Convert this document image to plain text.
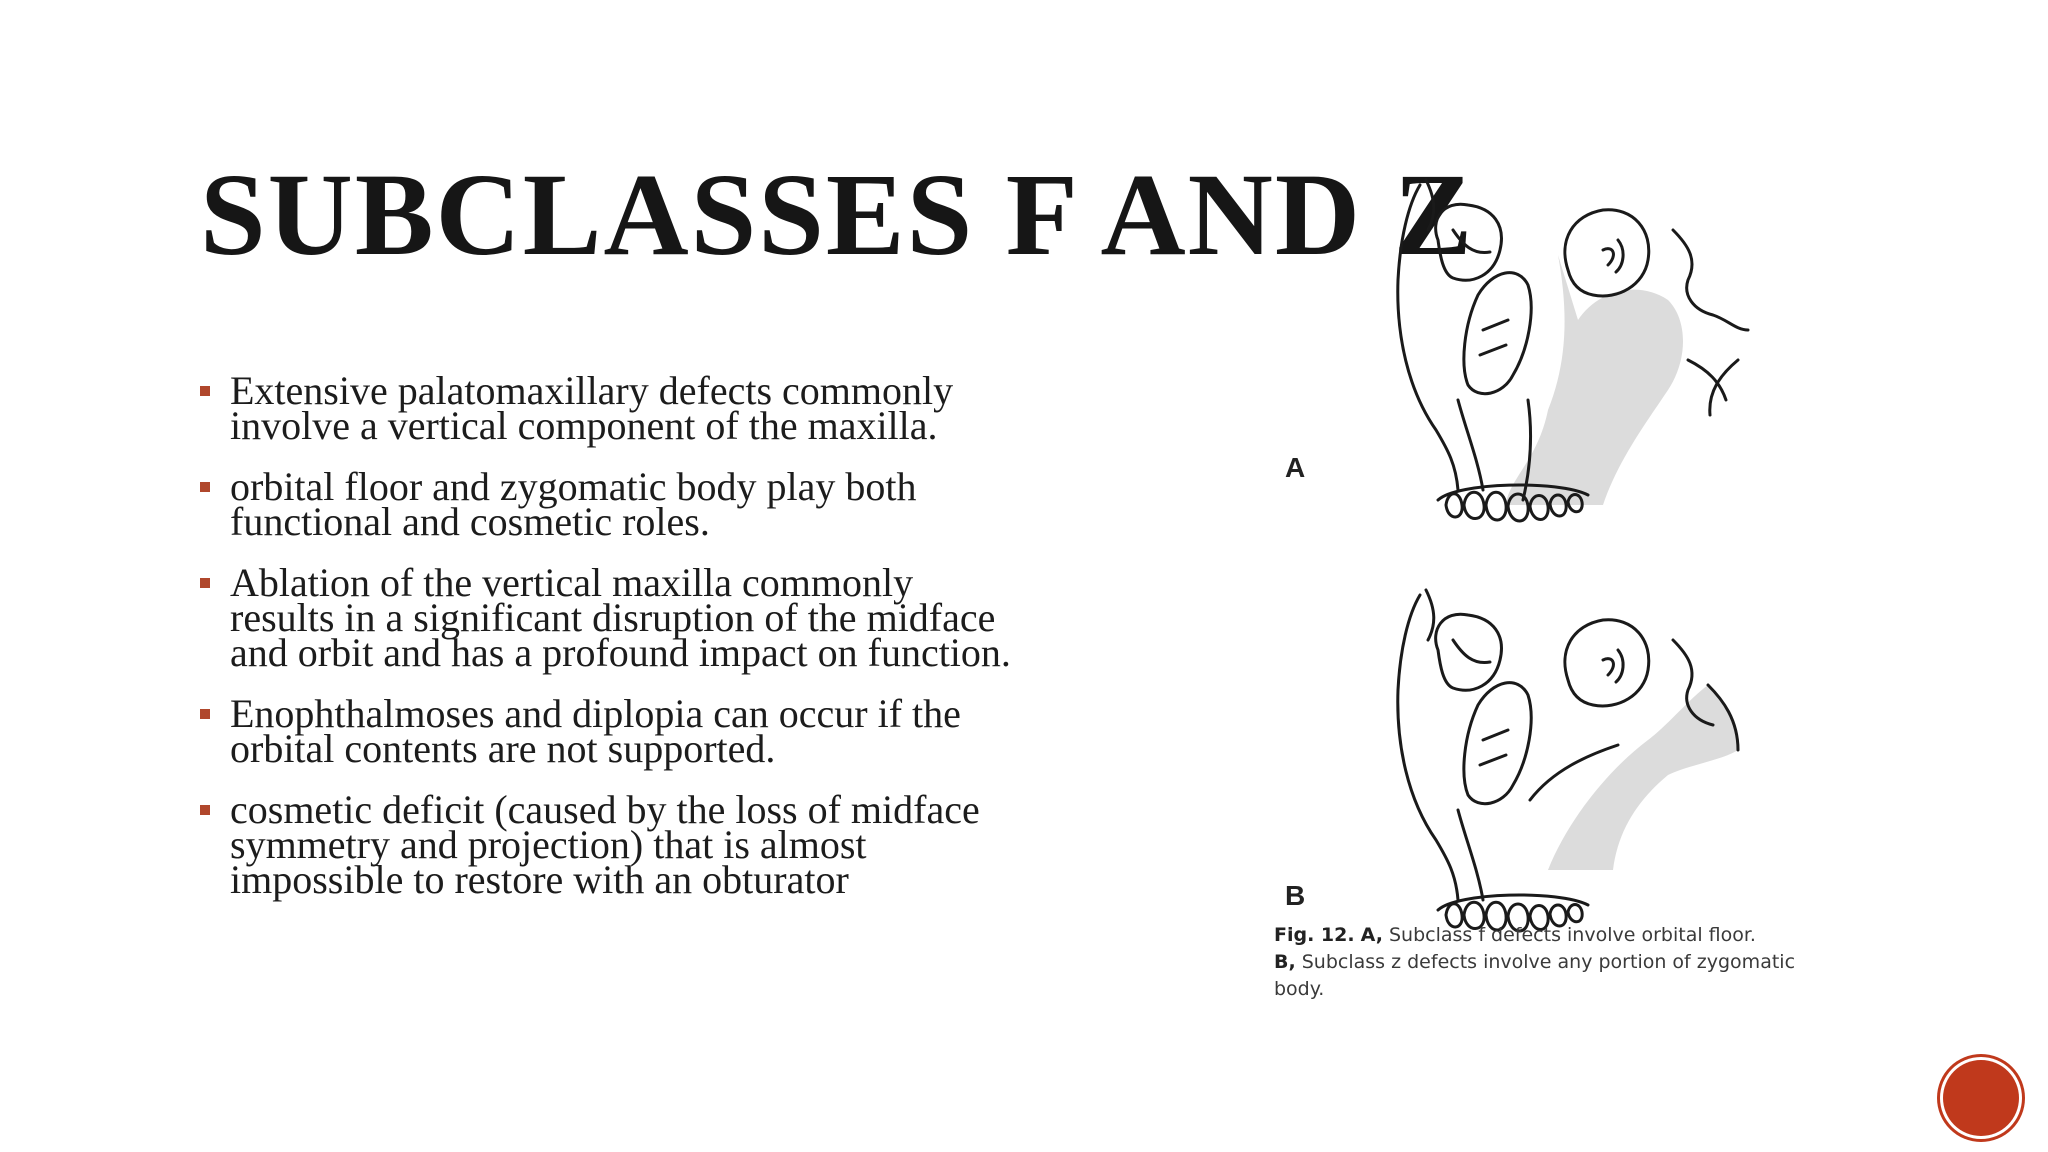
SUBCLASSES F AND Z
Extensive palatomaxillary defects commonly involve a vertical component of the maxilla.
orbital floor and zygomatic body play both functional and cosmetic roles.
Ablation of the vertical maxilla commonly results in a significant disruption of the midface and orbit and has a profound impact on function.
Enophthalmoses and diplopia can occur if the orbital contents are not supported.
cosmetic deficit (caused by the loss of midface symmetry and projection) that is almost impossible to restore with an obturator
A
B
Fig. 12. A, Subclass f defects involve orbital floor.
B, Subclass z defects involve any portion of zygomatic body.
